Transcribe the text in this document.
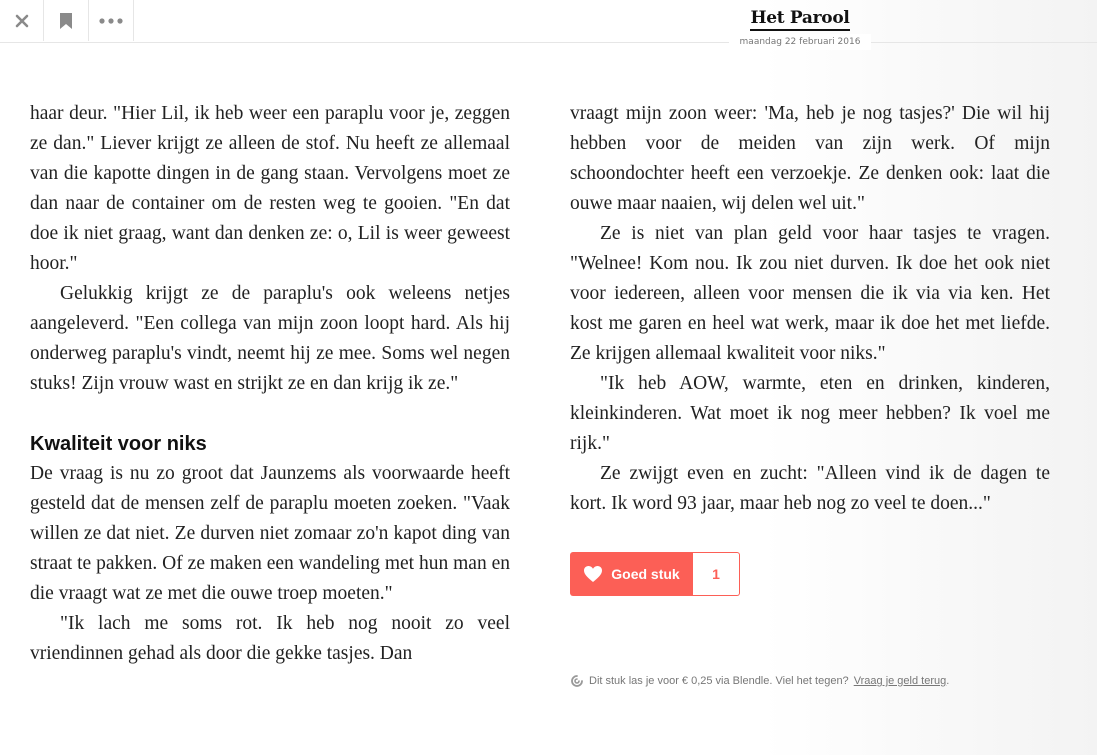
Het Parool
maandag 22 februari 2016

haar deur. "Hier Lil, ik heb weer een paraplu voor je, zeggen ze dan." Liever krijgt ze alleen de stof. Nu heeft ze allemaal van die kapotte dingen in de gang staan. Vervolgens moet ze dan naar de container om de resten weg te gooien. "En dat doe ik niet graag, want dan denken ze: o, Lil is weer geweest hoor."

Gelukkig krijgt ze de paraplu's ook weleens netjes aangeleverd. "Een collega van mijn zoon loopt hard. Als hij onderweg paraplu's vindt, neemt hij ze mee. Soms wel negen stuks! Zijn vrouw wast en strijkt ze en dan krijg ik ze."

Kwaliteit voor niks

De vraag is nu zo groot dat Jaunzems als voorwaarde heeft gesteld dat de mensen zelf de paraplu moeten zoeken. "Vaak willen ze dat niet. Ze durven niet zomaar zo'n kapot ding van straat te pakken. Of ze maken een wandeling met hun man en die vraagt wat ze met die ouwe troep moeten."

"Ik lach me soms rot. Ik heb nog nooit zo veel vriendinnen gehad als door die gekke tasjes. Dan

vraagt mijn zoon weer: 'Ma, heb je nog tasjes?' Die wil hij hebben voor de meiden van zijn werk. Of mijn schoondochter heeft een verzoekje. Ze denken ook: laat die ouwe maar naaien, wij delen wel uit."

Ze is niet van plan geld voor haar tasjes te vragen. "Welnee! Kom nou. Ik zou niet durven. Ik doe het ook niet voor iedereen, alleen voor mensen die ik via via ken. Het kost me garen en heel wat werk, maar ik doe het met liefde. Ze krijgen allemaal kwaliteit voor niks."

"Ik heb AOW, warmte, eten en drinken, kinderen, kleinkinderen. Wat moet ik nog meer hebben? Ik voel me rijk."

Ze zwijgt even en zucht: "Alleen vind ik de dagen te kort. Ik word 93 jaar, maar heb nog zo veel te doen..."

Goed stuk	1
Dit stuk las je voor € 0,25 via Blendle. Viel het tegen? Vraag je geld terug.
